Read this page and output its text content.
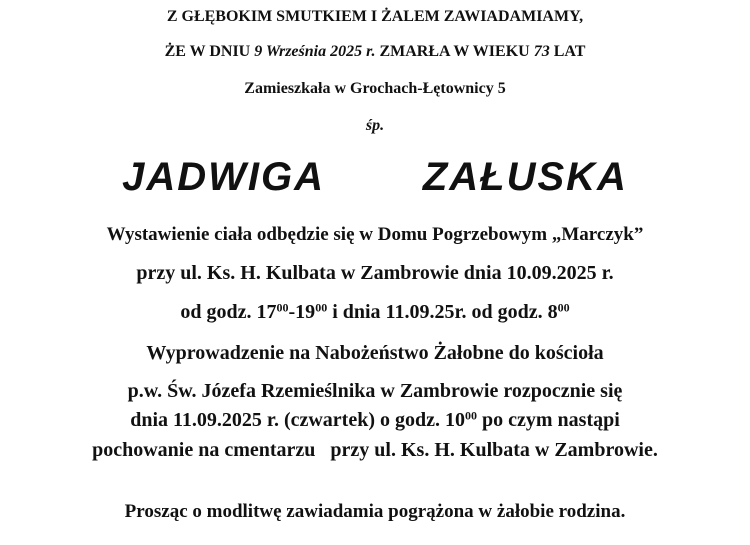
Z GŁĘBOKIM SMUTKIEM I ŻALEM ZAWIADAMIAMY,
ŻE W DNIU 9 Września 2025 r. ZMARŁA W WIEKU 73 LAT
Zamieszkała w Grochach-Łętownicy 5
śp.
JADWIGA   ZAŁUSKA
Wystawienie ciała odbędzie się w Domu Pogrzebowym „Marczyk”
przy ul. Ks. H. Kulbata w Zambrowie dnia 10.09.2025 r.
od godz. $17^{00}-19^{00}$ i dnia 11.09.25r. od godz. $8^{00}$
Wyprowadzenie na Nabożeństwo Żałobne do kościoła
p.w. Św. Józefa Rzemieślnika w Zambrowie rozpocznie się
dnia 11.09.2025 r. (czwartek) o godz. $10^{00}$ po czym nastąpi
pochowanie na cmentarzu   przy ul. Ks. H. Kulbata w Zambrowie.
Prosząc o modlitwę zawiadamia pogrążona w żałobie rodzina.
